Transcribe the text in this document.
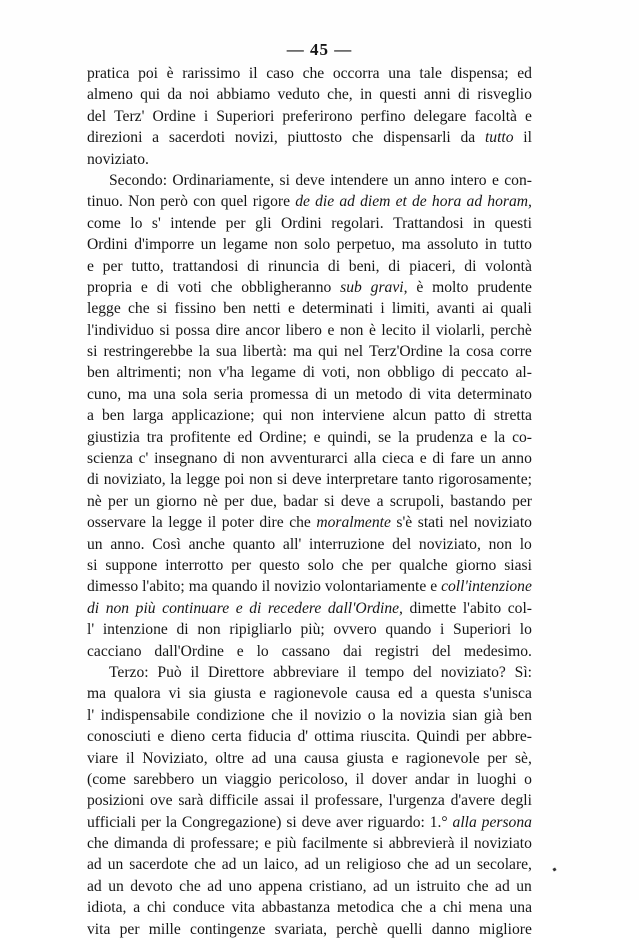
— 45 —
pratica poi è rarissimo il caso che occorra una tale dispensa; ed
almeno qui da noi abbiamo veduto che, in questi anni di risveglio
del Terz' Ordine i Superiori preferirono perfino delegare facoltà e
direzioni a sacerdoti novizi, piuttosto che dispensarli da tutto il
noviziato.
Secondo: Ordinariamente, si deve intendere un anno intero e con-
tinuo. Non però con quel rigore de die ad diem et de hora ad horam,
come lo s' intende per gli Ordini regolari. Trattandosi in questi
Ordini d'imporre un legame non solo perpetuo, ma assoluto in tutto
e per tutto, trattandosi di rinuncia di beni, di piaceri, di volontà
propria e di voti che obbligheranno sub gravi, è molto prudente
legge che si fissino ben netti e determinati i limiti, avanti ai quali
l'individuo si possa dire ancor libero e non è lecito il violarli, perchè
si restringerebbe la sua libertà: ma qui nel Terz'Ordine la cosa corre
ben altrimenti; non v'ha legame di voti, non obbligo di peccato al-
cuno, ma una sola seria promessa di un metodo di vita determinato
a ben larga applicazione; qui non interviene alcun patto di stretta
giustizia tra profitente ed Ordine; e quindi, se la prudenza e la co-
scienza c' insegnano di non avventurarci alla cieca e di fare un anno
di noviziato, la legge poi non si deve interpretare tanto rigorosamente;
nè per un giorno nè per due, badar si deve a scrupoli, bastando per
osservare la legge il poter dire che moralmente s'è stati nel noviziato
un anno. Così anche quanto all' interruzione del noviziato, non lo
si suppone interrotto per questo solo che per qualche giorno siasi
dimesso l'abito; ma quando il novizio volontariamente e coll'intenzione
di non più continuare e di recedere dall'Ordine, dimette l'abito col-
l' intenzione di non ripigliarlo più; ovvero quando i Superiori lo
cacciano dall'Ordine e lo cassano dai registri del medesimo.
Terzo: Può il Direttore abbreviare il tempo del noviziato? Sì:
ma qualora vi sia giusta e ragionevole causa ed a questa s'unisca
l' indispensabile condizione che il novizio o la novizia sian già ben
conosciuti e dieno certa fiducia d' ottima riuscita. Quindi per abbre-
viare il Noviziato, oltre ad una causa giusta e ragionevole per sè,
(come sarebbero un viaggio pericoloso, il dover andar in luoghi o
posizioni ove sarà difficile assai il professare, l'urgenza d'avere degli
ufficiali per la Congregazione) si deve aver riguardo: 1.° alla persona
che dimanda di professare; e più facilmente si abbrevierà il noviziato
ad un sacerdote che ad un laico, ad un religioso che ad un secolare,
ad un devoto che ad uno appena cristiano, ad un istruito che ad un
idiota, a chi conduce vita abbastanza metodica che a chi mena una
vita per mille contingenze svariata, perchè quelli danno migliore
